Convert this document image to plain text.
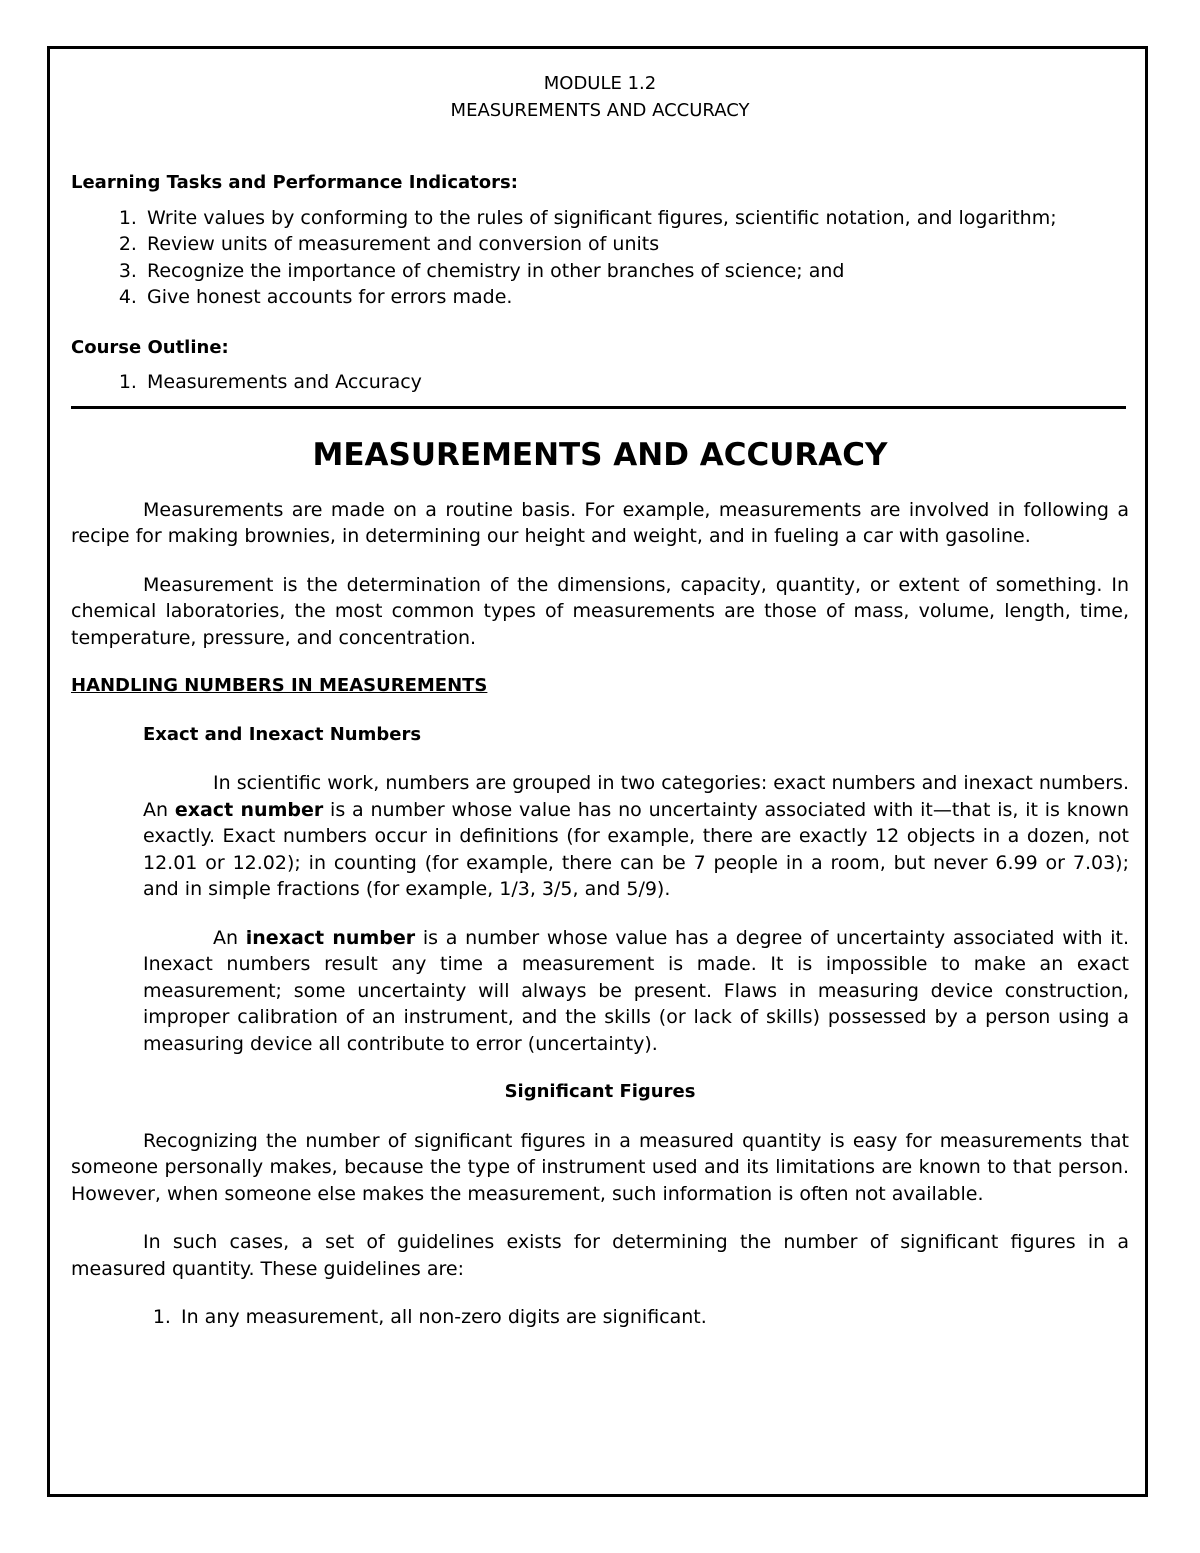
MODULE 1.2
MEASUREMENTS AND ACCURACY
Learning Tasks and Performance Indicators:
1. Write values by conforming to the rules of significant figures, scientific notation, and logarithm;
2. Review units of measurement and conversion of units
3. Recognize the importance of chemistry in other branches of science; and
4. Give honest accounts for errors made.
Course Outline:
1. Measurements and Accuracy
MEASUREMENTS AND ACCURACY
Measurements are made on a routine basis. For example, measurements are involved in following a recipe for making brownies, in determining our height and weight, and in fueling a car with gasoline.
Measurement is the determination of the dimensions, capacity, quantity, or extent of something. In chemical laboratories, the most common types of measurements are those of mass, volume, length, time, temperature, pressure, and concentration.
HANDLING NUMBERS IN MEASUREMENTS
Exact and Inexact Numbers
In scientific work, numbers are grouped in two categories: exact numbers and inexact numbers. An exact number is a number whose value has no uncertainty associated with it—that is, it is known exactly. Exact numbers occur in definitions (for example, there are exactly 12 objects in a dozen, not 12.01 or 12.02); in counting (for example, there can be 7 people in a room, but never 6.99 or 7.03); and in simple fractions (for example, 1/3, 3/5, and 5/9).
An inexact number is a number whose value has a degree of uncertainty associated with it. Inexact numbers result any time a measurement is made. It is impossible to make an exact measurement; some uncertainty will always be present. Flaws in measuring device construction, improper calibration of an instrument, and the skills (or lack of skills) possessed by a person using a measuring device all contribute to error (uncertainty).
Significant Figures
Recognizing the number of significant figures in a measured quantity is easy for measurements that someone personally makes, because the type of instrument used and its limitations are known to that person. However, when someone else makes the measurement, such information is often not available.
In such cases, a set of guidelines exists for determining the number of significant figures in a measured quantity. These guidelines are:
1. In any measurement, all non-zero digits are significant.
